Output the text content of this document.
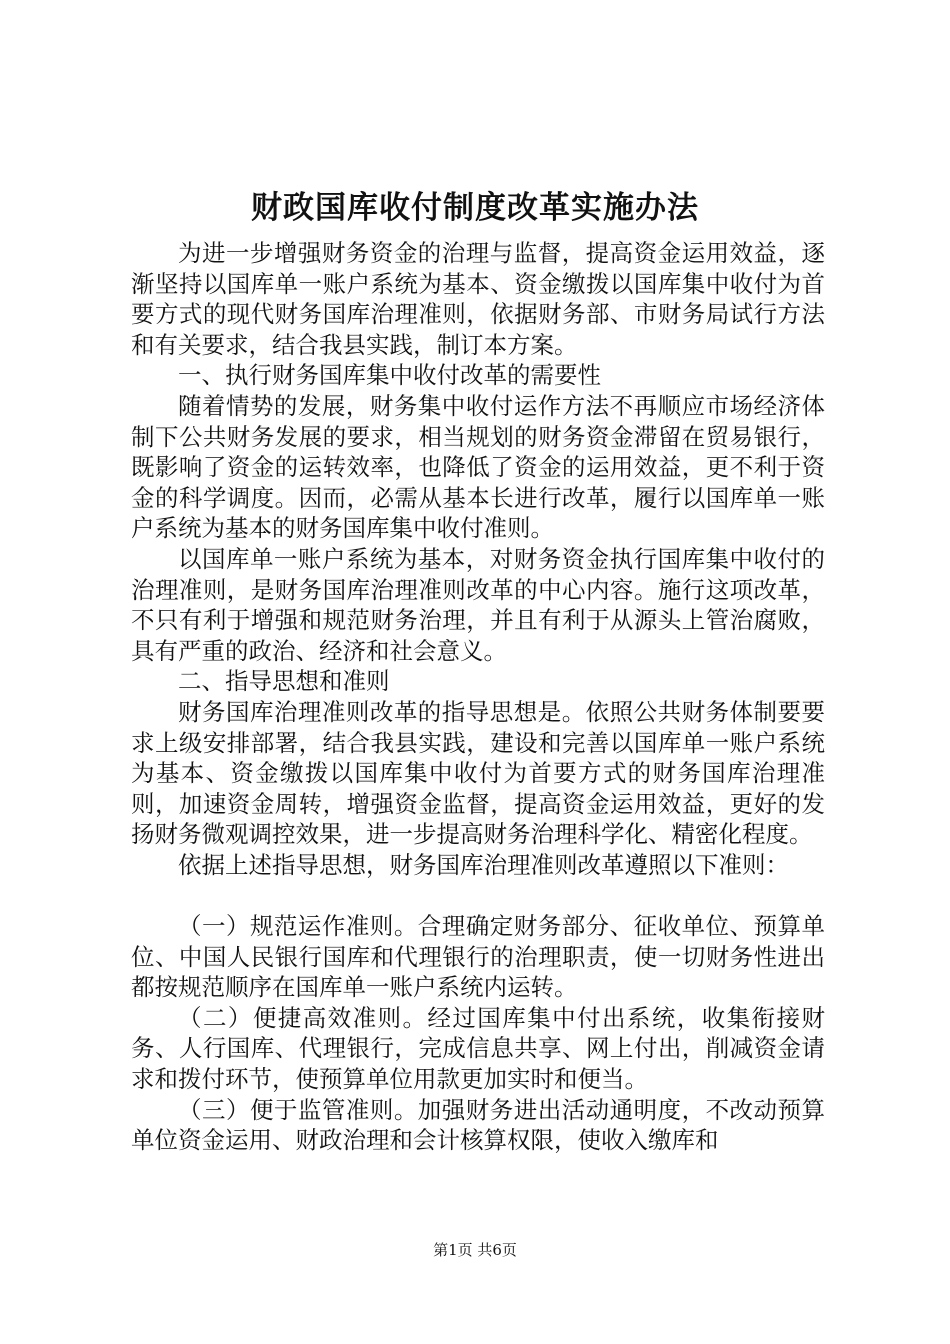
财政国库收付制度改革实施办法

为进一步增强财务资金的治理与监督，提高资金运用效益，逐渐坚持以国库单一账户系统为基本、资金缴拨以国库集中收付为首要方式的现代财务国库治理准则，依据财务部、市财务局试行方法和有关要求，结合我县实践，制订本方案。

一、执行财务国库集中收付改革的需要性

随着情势的发展，财务集中收付运作方法不再顺应市场经济体制下公共财务发展的要求，相当规划的财务资金滞留在贸易银行，既影响了资金的运转效率，也降低了资金的运用效益，更不利于资金的科学调度。因而，必需从基本长进行改革，履行以国库单一账户系统为基本的财务国库集中收付准则。

以国库单一账户系统为基本，对财务资金执行国库集中收付的治理准则，是财务国库治理准则改革的中心内容。施行这项改革，不只有利于增强和规范财务治理，并且有利于从源头上管治腐败，具有严重的政治、经济和社会意义。

二、指导思想和准则

财务国库治理准则改革的指导思想是。依照公共财务体制要要求上级安排部署，结合我县实践，建设和完善以国库单一账户系统为基本、资金缴拨以国库集中收付为首要方式的财务国库治理准则，加速资金周转，增强资金监督，提高资金运用效益，更好的发扬财务微观调控效果，进一步提高财务治理科学化、精密化程度。

依据上述指导思想，财务国库治理准则改革遵照以下准则：

（一）规范运作准则。合理确定财务部分、征收单位、预算单位、中国人民银行国库和代理银行的治理职责，使一切财务性进出都按规范顺序在国库单一账户系统内运转。

（二）便捷高效准则。经过国库集中付出系统，收集衔接财务、人行国库、代理银行，完成信息共享、网上付出，削减资金请求和拨付环节，使预算单位用款更加实时和便当。

（三）便于监管准则。加强财务进出活动通明度，不改动预算单位资金运用、财政治理和会计核算权限，使收入缴库和

第1页 共6页
